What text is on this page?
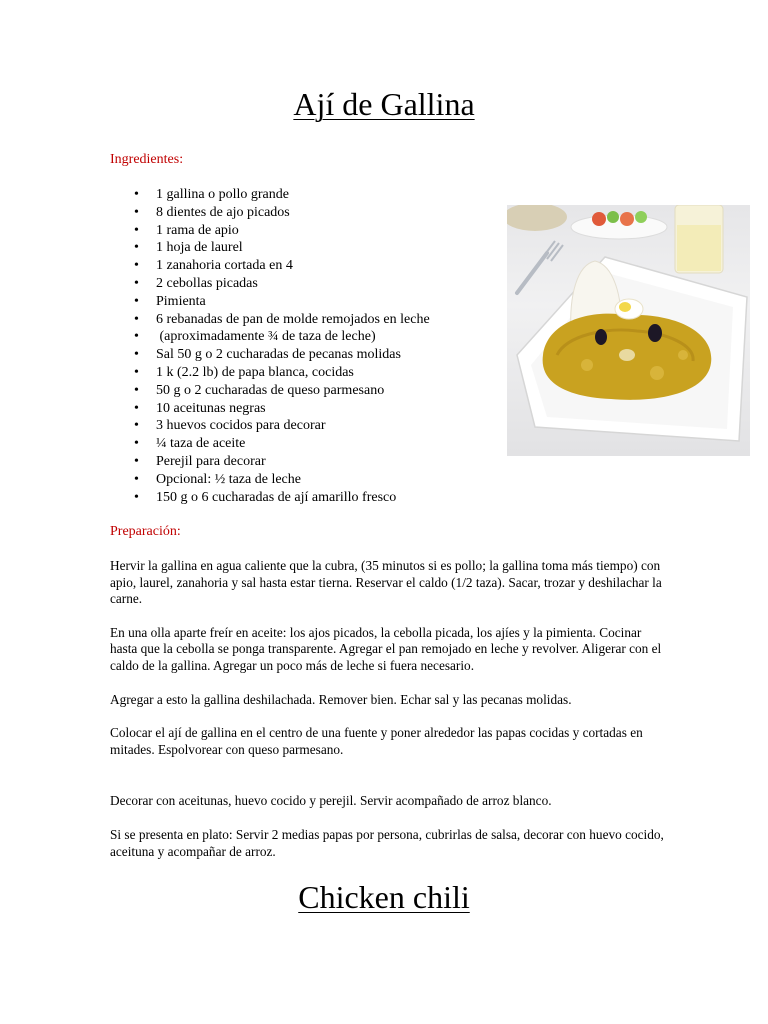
Ají de Gallina

Ingredientes:

• 1 gallina o pollo grande
• 8 dientes de ajo picados
• 1 rama de apio
• 1 hoja de laurel
• 1 zanahoria cortada en 4
• 2 cebollas picadas
• Pimienta
• 6 rebanadas de pan de molde remojados en leche
•  (aproximadamente ¾ de taza de leche)
• Sal 50 g o 2 cucharadas de pecanas molidas
• 1 k (2.2 lb) de papa blanca, cocidas
• 50 g o 2 cucharadas de queso parmesano
• 10 aceitunas negras
• 3 huevos cocidos para decorar
• ¼ taza de aceite
• Perejil para decorar
• Opcional: ½ taza de leche
• 150 g o 6 cucharadas de ají amarillo fresco

Preparación:

Hervir la gallina en agua caliente que la cubra, (35 minutos si es pollo; la gallina toma más tiempo) con apio, laurel, zanahoria y sal hasta estar tierna. Reservar el caldo (1/2 taza). Sacar, trozar y deshilachar la carne.

En una olla aparte freír en aceite: los ajos picados, la cebolla picada, los ajíes y la pimienta. Cocinar hasta que la cebolla se ponga transparente. Agregar el pan remojado en leche y revolver. Aligerar con el caldo de la gallina. Agregar un poco más de leche si fuera necesario.

Agregar a esto la gallina deshilachada. Remover bien. Echar sal y las pecanas molidas.

Colocar el ají de gallina en el centro de una fuente y poner alrededor las papas cocidas y cortadas en mitades. Espolvorear con queso parmesano.

Decorar con aceitunas, huevo cocido y perejil. Servir acompañado de arroz blanco.

Si se presenta en plato: Servir 2 medias papas por persona, cubrirlas de salsa, decorar con huevo cocido, aceituna y acompañar de arroz.

Chicken chili
